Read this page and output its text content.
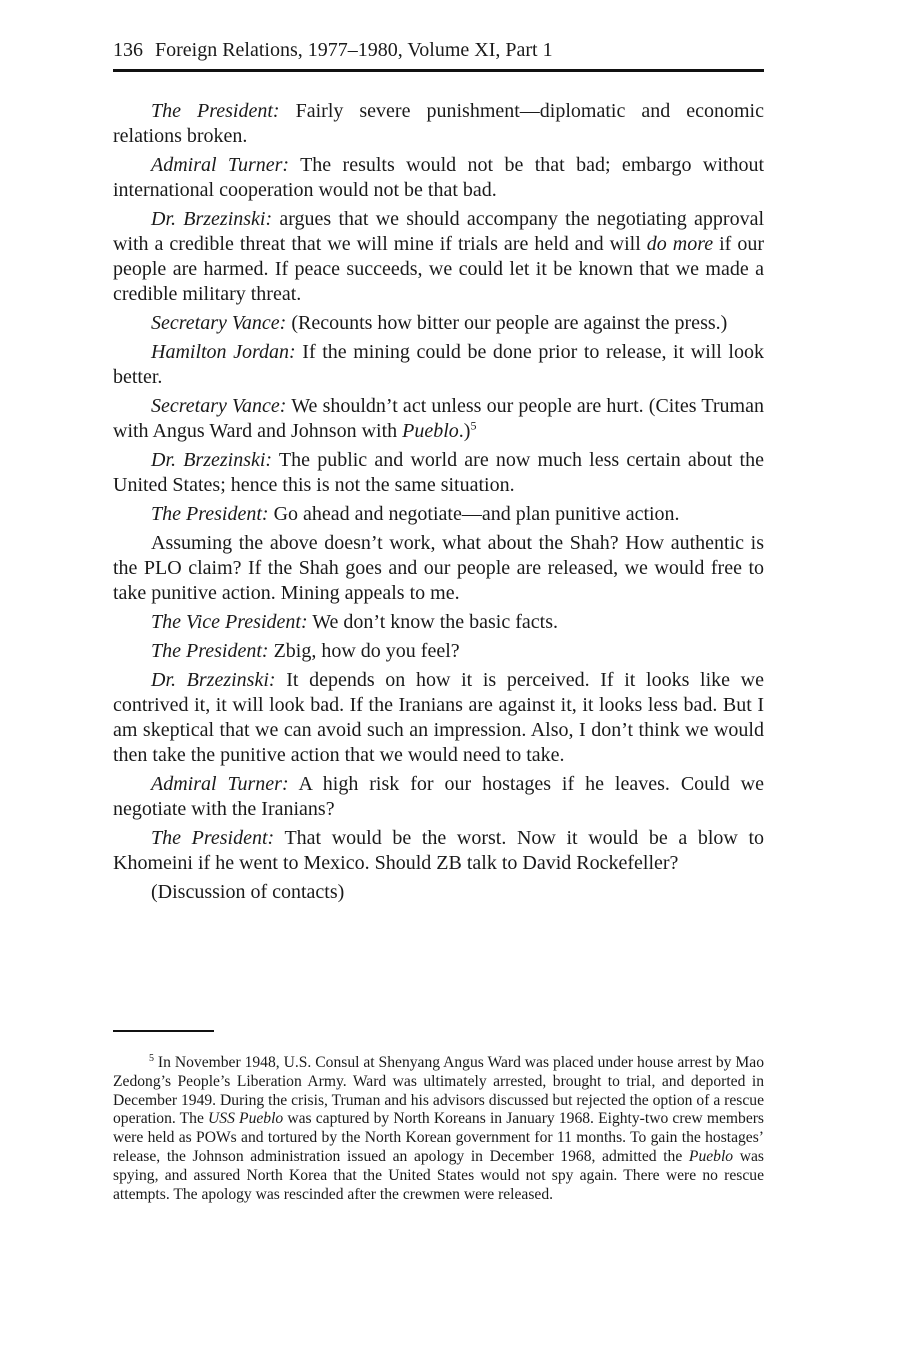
136 Foreign Relations, 1977–1980, Volume XI, Part 1

The President: Fairly severe punishment—diplomatic and economic relations broken.

Admiral Turner: The results would not be that bad; embargo without international cooperation would not be that bad.

Dr. Brzezinski: argues that we should accompany the negotiating approval with a credible threat that we will mine if trials are held and will do more if our people are harmed. If peace succeeds, we could let it be known that we made a credible military threat.

Secretary Vance: (Recounts how bitter our people are against the press.)

Hamilton Jordan: If the mining could be done prior to release, it will look better.

Secretary Vance: We shouldn’t act unless our people are hurt. (Cites Truman with Angus Ward and Johnson with Pueblo.)$^5$

Dr. Brzezinski: The public and world are now much less certain about the United States; hence this is not the same situation.

The President: Go ahead and negotiate—and plan punitive action.

Assuming the above doesn’t work, what about the Shah? How authentic is the PLO claim? If the Shah goes and our people are released, we would free to take punitive action. Mining appeals to me.

The Vice President: We don’t know the basic facts.

The President: Zbig, how do you feel?

Dr. Brzezinski: It depends on how it is perceived. If it looks like we contrived it, it will look bad. If the Iranians are against it, it looks less bad. But I am skeptical that we can avoid such an impression. Also, I don’t think we would then take the punitive action that we would need to take.

Admiral Turner: A high risk for our hostages if he leaves. Could we negotiate with the Iranians?

The President: That would be the worst. Now it would be a blow to Khomeini if he went to Mexico. Should ZB talk to David Rockefeller?

(Discussion of contacts)

$^5$ In November 1948, U.S. Consul at Shenyang Angus Ward was placed under house arrest by Mao Zedong’s People’s Liberation Army. Ward was ultimately arrested, brought to trial, and deported in December 1949. During the crisis, Truman and his advisors discussed but rejected the option of a rescue operation. The USS Pueblo was captured by North Koreans in January 1968. Eighty-two crew members were held as POWs and tortured by the North Korean government for 11 months. To gain the hostages’ release, the Johnson administration issued an apology in December 1968, admitted the Pueblo was spying, and assured North Korea that the United States would not spy again. There were no rescue attempts. The apology was rescinded after the crewmen were released.
